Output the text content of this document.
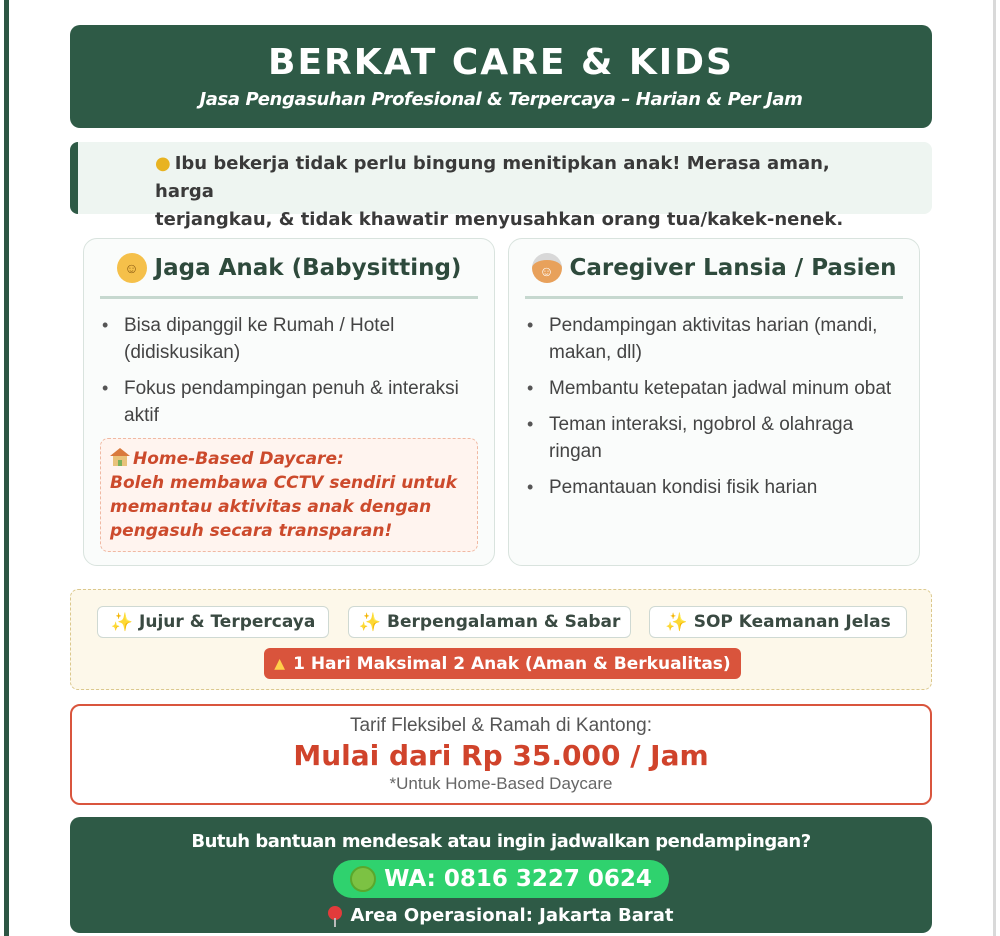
BERKAT CARE & KIDS
Jasa Pengasuhan Profesional & Terpercaya – Harian & Per Jam
● Ibu bekerja tidak perlu bingung menitipkan anak! Merasa aman, harga
terjangkau, & tidak khawatir menyusahkan orang tua/kakek-nenek.
☺ Jaga Anak (Babysitting)
• Bisa dipanggil ke Rumah / Hotel (didiskusikan)
• Fokus pendampingan penuh & interaksi aktif
Home-Based Daycare:
Boleh membawa CCTV sendiri untuk
memantau aktivitas anak dengan
pengasuh secara transparan!
☺ Caregiver Lansia / Pasien
• Pendampingan aktivitas harian (mandi, makan, dll)
• Membantu ketepatan jadwal minum obat
• Teman interaksi, ngobrol & olahraga ringan
• Pemantauan kondisi fisik harian
✨ Jujur & Terpercaya ✨ Berpengalaman & Sabar ✨ SOP Keamanan Jelas
▲ 1 Hari Maksimal 2 Anak (Aman & Berkualitas)
Tarif Fleksibel & Ramah di Kantong:
Mulai dari Rp 35.000 / Jam
*Untuk Home-Based Daycare
Butuh bantuan mendesak atau ingin jadwalkan pendampingan?
WA: 0816 3227 0624
Area Operasional: Jakarta Barat
